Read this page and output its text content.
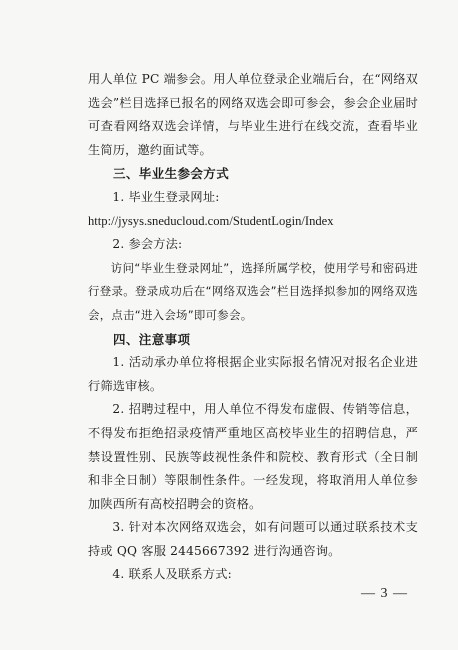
用人单位 PC 端参会。用人单位登录企业端后台，在“网络双选会”栏目选择已报名的网络双选会即可参会，参会企业届时可查看网络双选会详情，与毕业生进行在线交流，查看毕业生简历，邀约面试等。

三、毕业生参会方式

1. 毕业生登录网址:

http://jysys.sneducloud.com/StudentLogin/Index

2. 参会方法:

访问“毕业生登录网址”，选择所属学校，使用学号和密码进行登录。登录成功后在“网络双选会”栏目选择拟参加的网络双选会，点击“进入会场”即可参会。

四、注意事项

1. 活动承办单位将根据企业实际报名情况对报名企业进行筛选审核。

2. 招聘过程中，用人单位不得发布虚假、传销等信息，不得发布拒绝招录疫情严重地区高校毕业生的招聘信息，严禁设置性别、民族等歧视性条件和院校、教育形式（全日制和非全日制）等限制性条件。一经发现，将取消用人单位参加陕西所有高校招聘会的资格。

3. 针对本次网络双选会，如有问题可以通过联系技术支持或 QQ 客服 2445667392 进行沟通咨询。

4. 联系人及联系方式:

— 3 —
